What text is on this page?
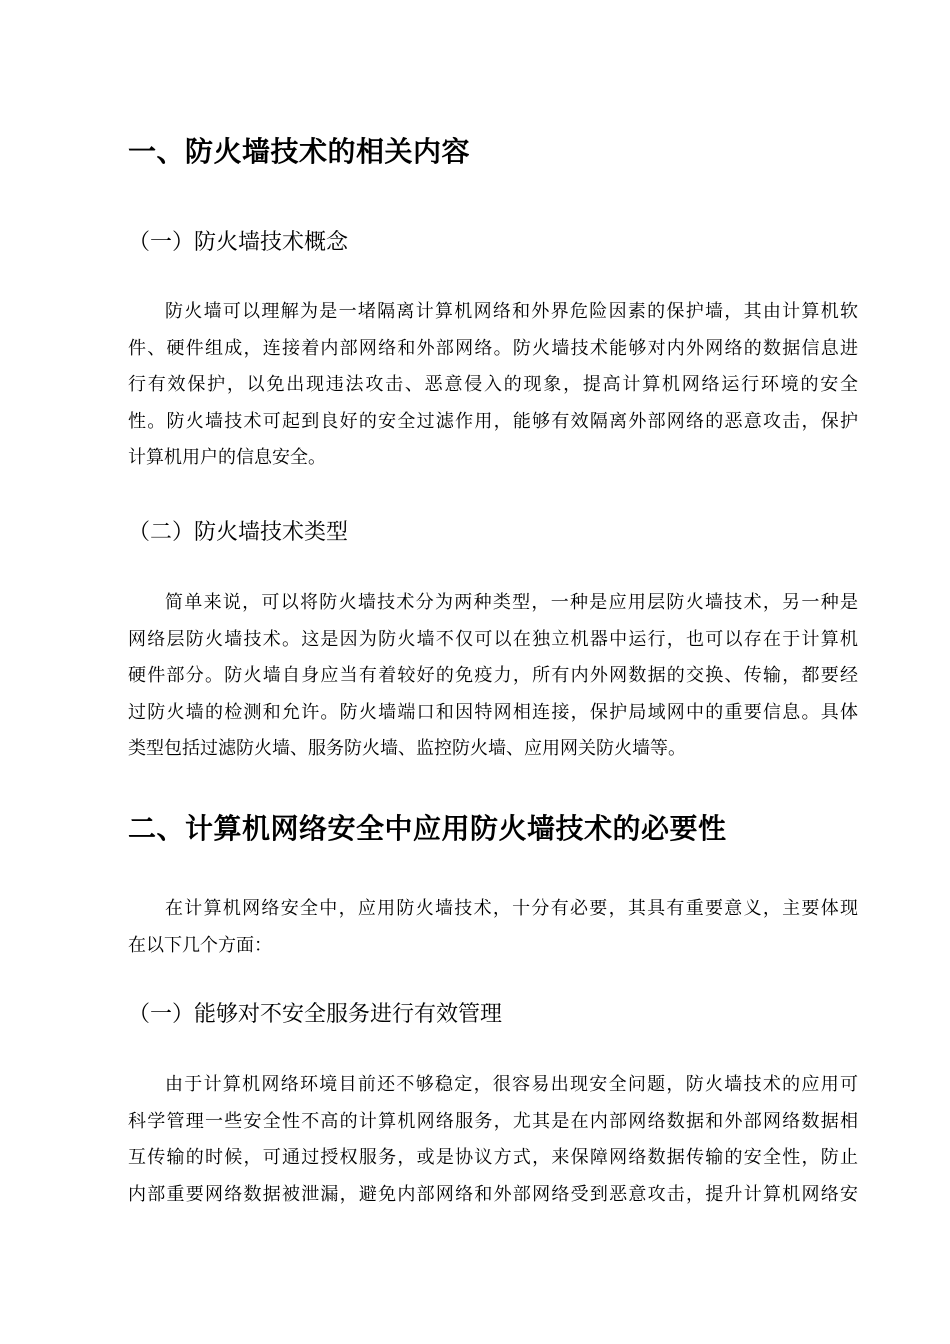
一、防火墙技术的相关内容
（一）防火墙技术概念
防火墙可以理解为是一堵隔离计算机网络和外界危险因素的保护墙，其由计算机软
件、硬件组成，连接着内部网络和外部网络。防火墙技术能够对内外网络的数据信息进
行有效保护，以免出现违法攻击、恶意侵入的现象，提高计算机网络运行环境的安全
性。防火墙技术可起到良好的安全过滤作用，能够有效隔离外部网络的恶意攻击，保护
计算机用户的信息安全。
（二）防火墙技术类型
简单来说，可以将防火墙技术分为两种类型，一种是应用层防火墙技术，另一种是
网络层防火墙技术。这是因为防火墙不仅可以在独立机器中运行，也可以存在于计算机
硬件部分。防火墙自身应当有着较好的免疫力，所有内外网数据的交换、传输，都要经
过防火墙的检测和允许。防火墙端口和因特网相连接，保护局域网中的重要信息。具体
类型包括过滤防火墙、服务防火墙、监控防火墙、应用网关防火墙等。
二、计算机网络安全中应用防火墙技术的必要性
在计算机网络安全中，应用防火墙技术，十分有必要，其具有重要意义，主要体现
在以下几个方面：
（一）能够对不安全服务进行有效管理
由于计算机网络环境目前还不够稳定，很容易出现安全问题，防火墙技术的应用可
科学管理一些安全性不高的计算机网络服务，尤其是在内部网络数据和外部网络数据相
互传输的时候，可通过授权服务，或是协议方式，来保障网络数据传输的安全性，防止
内部重要网络数据被泄漏，避免内部网络和外部网络受到恶意攻击，提升计算机网络安
